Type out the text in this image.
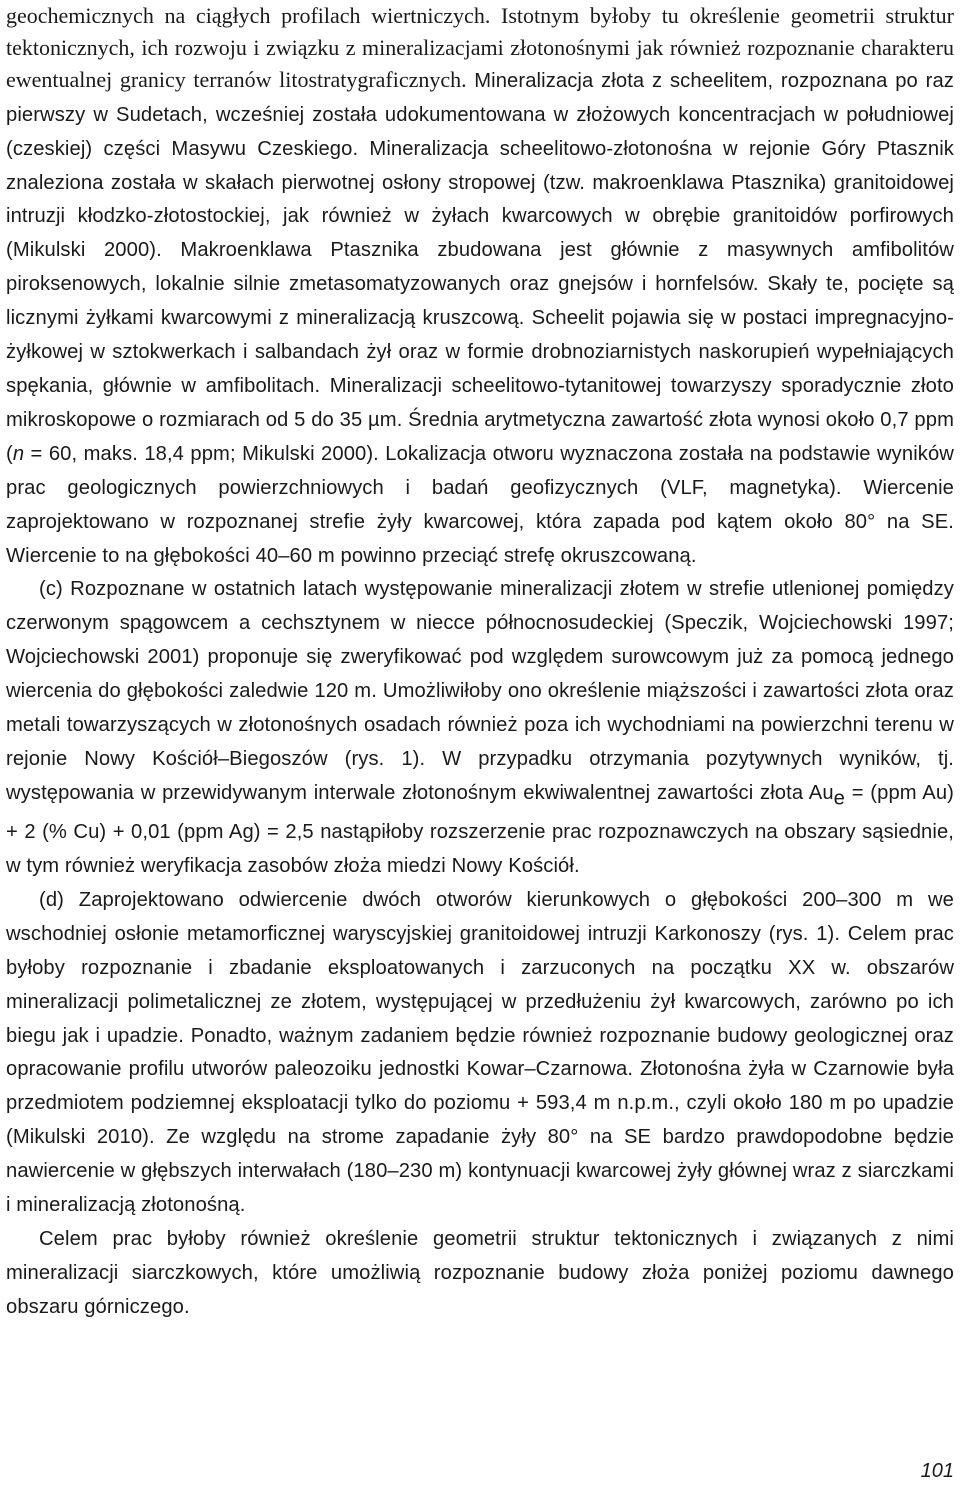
geochemicznych na ciągłych profilach wiertniczych. Istotnym byłoby tu określenie geometrii struktur tektonicznych, ich rozwoju i związku z mineralizacjami złotonośnymi jak również rozpoznanie charakteru ewentualnej granicy terranów litostratygraficznych. Mineralizacja złota z scheelitem, rozpoznana po raz pierwszy w Sudetach, wcześniej została udokumentowana w złożowych koncentracjach w południowej (czeskiej) części Masywu Czeskiego. Mineralizacja scheelitowo-złotonośna w rejonie Góry Ptasznik znaleziona została w skałach pierwotnej osłony stropowej (tzw. makroenklawa Ptasznika) granitoidowej intruzji kłodzko-złotostockiej, jak również w żyłach kwarcowych w obrębie granitoidów porfirowych (Mikulski 2000). Makroenklawa Ptasznika zbudowana jest głównie z masywnych amfibolitów piroksenowych, lokalnie silnie zmetasomatyzowanych oraz gnejsów i hornfelsów. Skały te, pocięte są licznymi żyłkami kwarcowymi z mineralizacją kruszcową. Scheelit pojawia się w postaci impregnacyjno-żyłkowej w sztokwerkach i salbandach żył oraz w formie drobnoziarnistych naskorupień wypełniających spękania, głównie w amfibolitach. Mineralizacji scheelitowo-tytanitowej towarzyszy sporadycznie złoto mikroskopowe o rozmiarach od 5 do 35 µm. Średnia arytmetyczna zawartość złota wynosi około 0,7 ppm (n = 60, maks. 18,4 ppm; Mikulski 2000). Lokalizacja otworu wyznaczona została na podstawie wyników prac geologicznych powierzchniowych i badań geofizycznych (VLF, magnetyka). Wiercenie zaprojektowano w rozpoznanej strefie żyły kwarcowej, która zapada pod kątem około 80° na SE. Wiercenie to na głębokości 40–60 m powinno przeciąć strefę okruszcowaną.

(c) Rozpoznane w ostatnich latach występowanie mineralizacji złotem w strefie utlenionej pomiędzy czerwonym spągowcem a cechsztynem w niecce północnosudeckiej (Speczik, Wojciechowski 1997; Wojciechowski 2001) proponuje się zweryfikować pod względem surowcowym już za pomocą jednego wiercenia do głębokości zaledwie 120 m. Umożliwiłoby ono określenie miąższości i zawartości złota oraz metali towarzyszących w złotonośnych osadach również poza ich wychodniami na powierzchni terenu w rejonie Nowy Kościół–Biegoszów (rys. 1). W przypadku otrzymania pozytywnych wyników, tj. występowania w przewidywanym interwale złotonośnym ekwiwalentnej zawartości złota $Au_e = (ppm$ Au) + 2 (% Cu) + 0,01 (ppm Ag) = 2,5 nastąpiłoby rozszerzenie prac rozpoznawczych na obszary sąsiednie, w tym również weryfikacja zasobów złoża miedzi Nowy Kościół.

(d) Zaprojektowano odwiercenie dwóch otworów kierunkowych o głębokości 200–300 m we wschodniej osłonie metamorficznej waryscyjskiej granitoidowej intruzji Karkonoszy (rys. 1). Celem prac byłoby rozpoznanie i zbadanie eksploatowanych i zarzuconych na początku XX w. obszarów mineralizacji polimetalicznej ze złotem, występującej w przedłużeniu żył kwarcowych, zarówno po ich biegu jak i upadzie. Ponadto, ważnym zadaniem będzie również rozpoznanie budowy geologicznej oraz opracowanie profilu utworów paleozoiku jednostki Kowar–Czarnowa. Złotonośna żyła w Czarnowie była przedmiotem podziemnej eksploatacji tylko do poziomu + 593,4 m n.p.m., czyli około 180 m po upadzie (Mikulski 2010). Ze względu na strome zapadanie żyły 80° na SE bardzo prawdopodobne będzie nawiercenie w głębszych interwałach (180–230 m) kontynuacji kwarcowej żyły głównej wraz z siarczkami i mineralizacją złotonośną.

Celem prac byłoby również określenie geometrii struktur tektonicznych i związanych z nimi mineralizacji siarczkowych, które umożliwią rozpoznanie budowy złoża poniżej poziomu dawnego obszaru górniczego.

101
